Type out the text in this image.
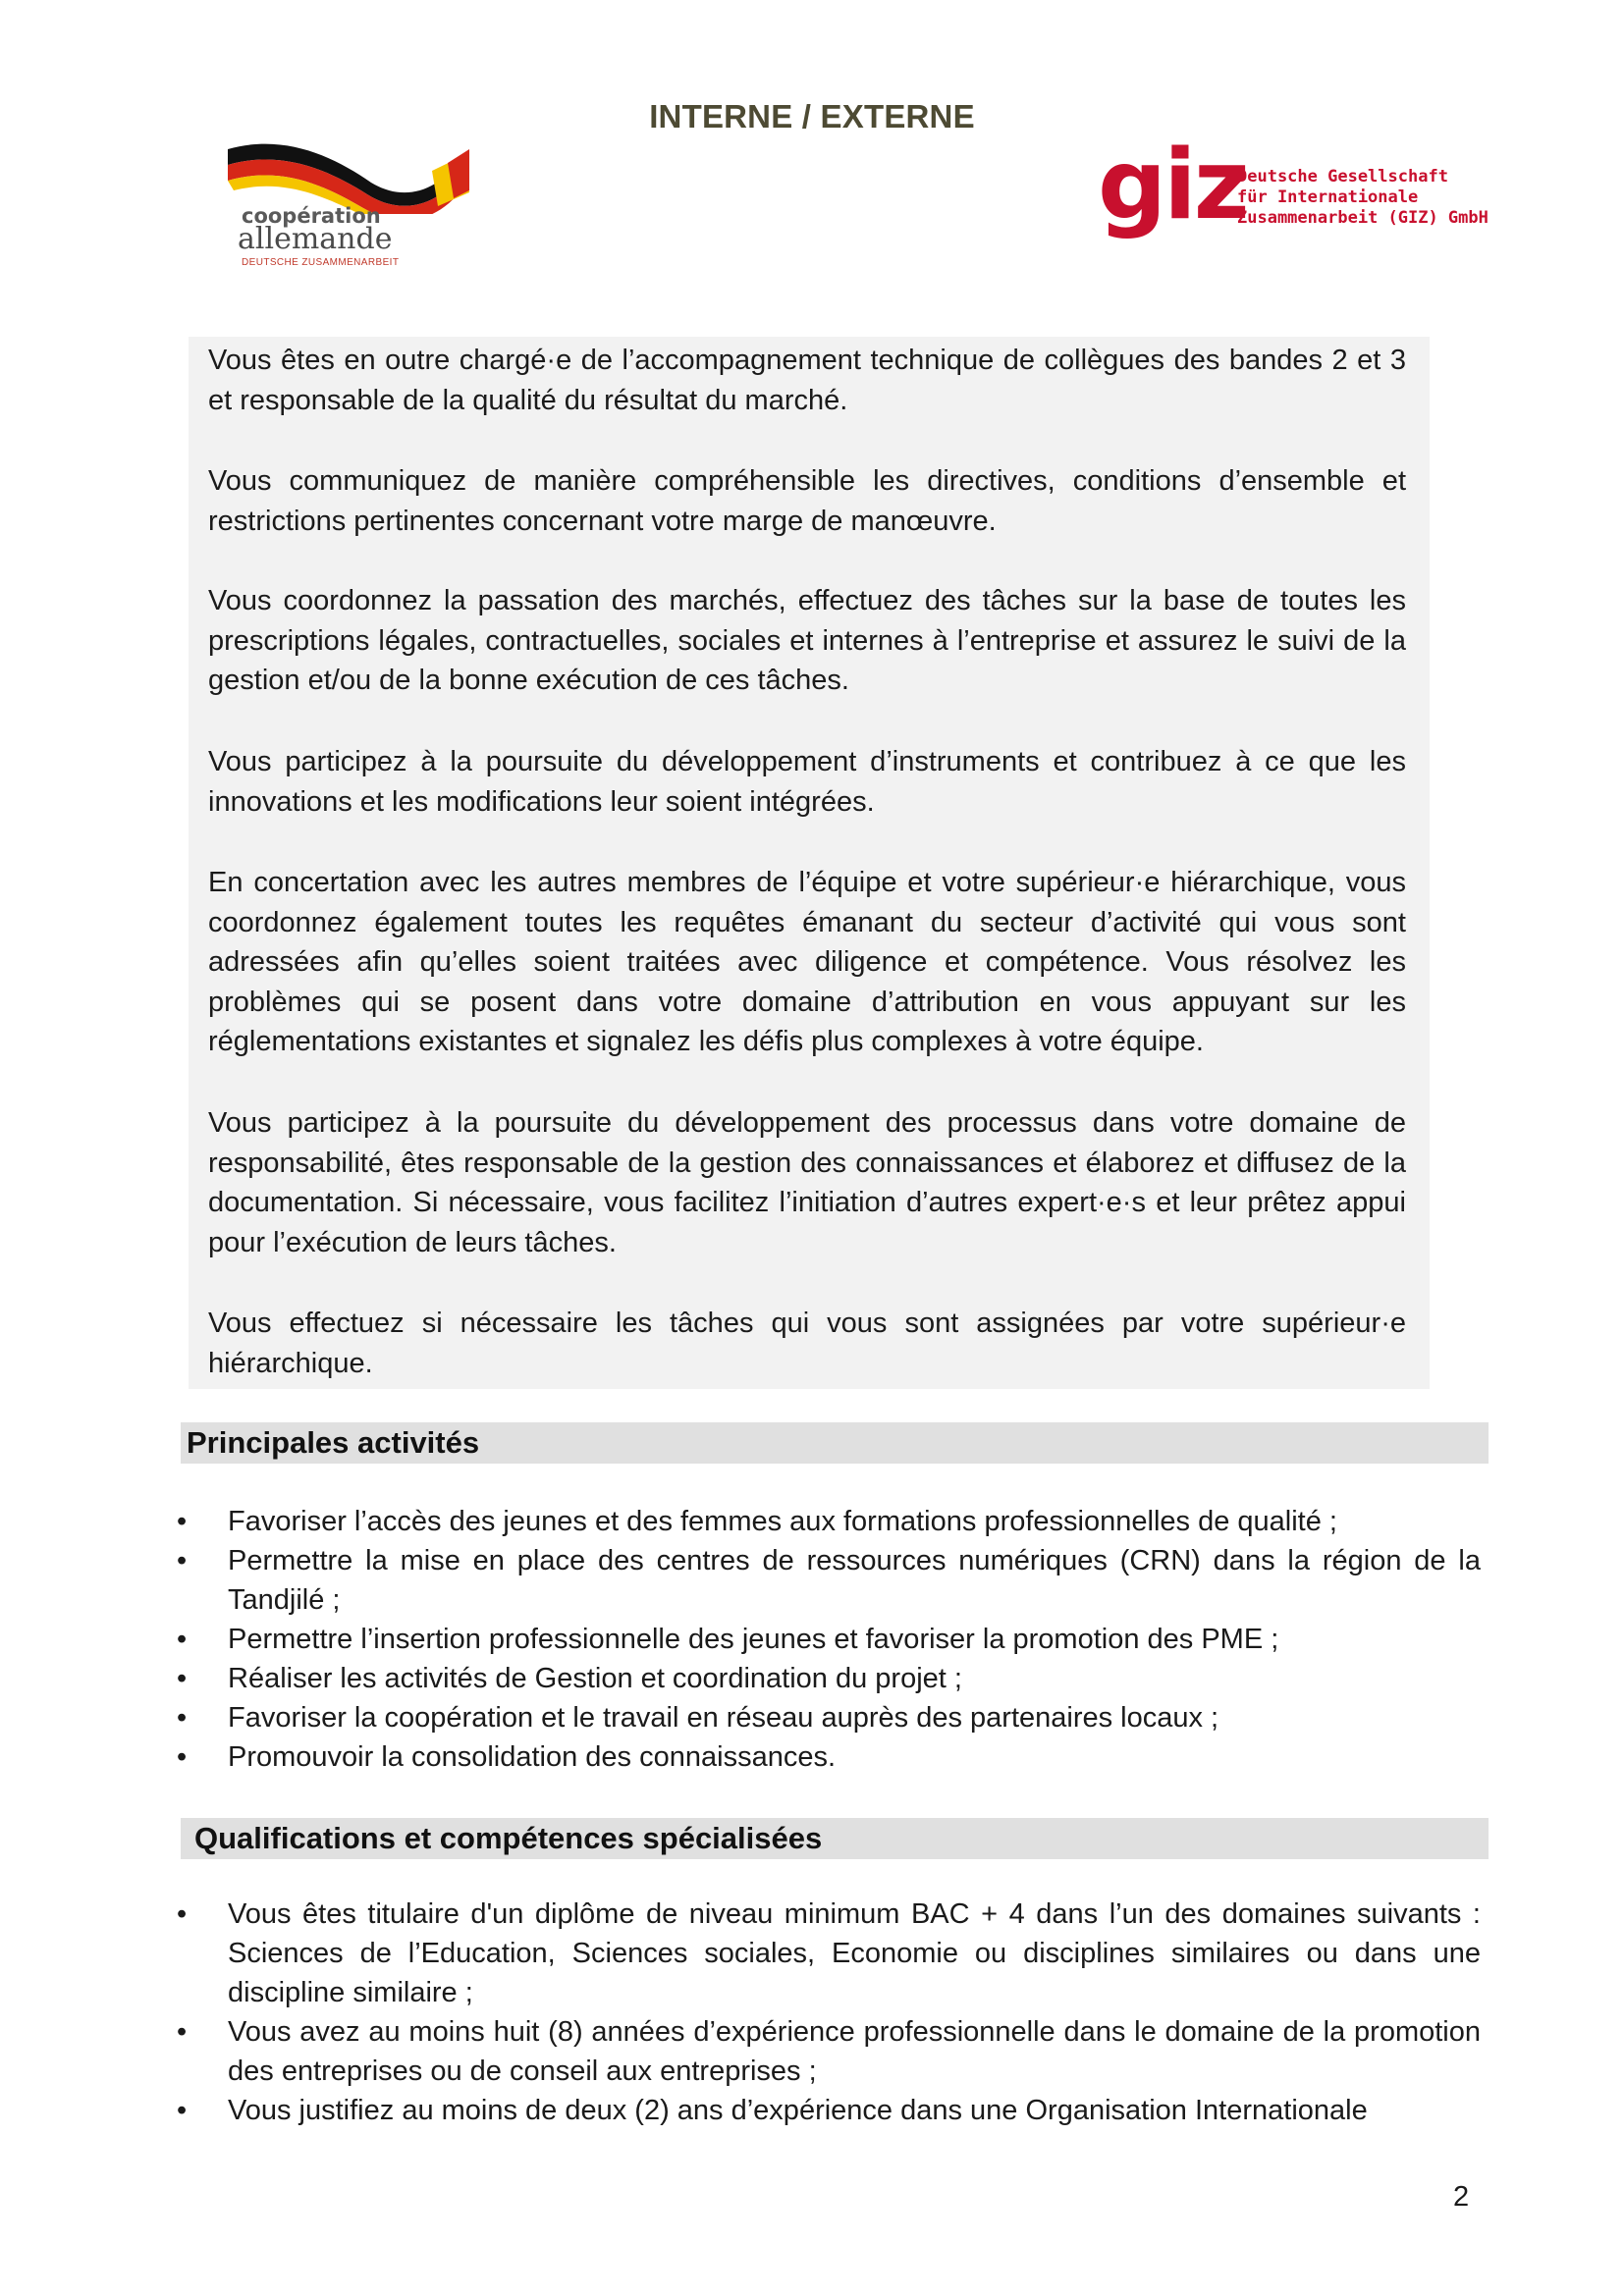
INTERNE / EXTERNE
coopération
allemande
DEUTSCHE ZUSAMMENARBEIT
giz
Deutsche Gesellschaft
für Internationale
Zusammenarbeit (GIZ) GmbH

Vous êtes en outre chargé·e de l’accompagnement technique de collègues des bandes 2 et 3 et responsable de la qualité du résultat du marché.

Vous communiquez de manière compréhensible les directives, conditions d’ensemble et restrictions pertinentes concernant votre marge de manœuvre.

Vous coordonnez la passation des marchés, effectuez des tâches sur la base de toutes les prescriptions légales, contractuelles, sociales et internes à l’entreprise et assurez le suivi de la gestion et/ou de la bonne exécution de ces tâches.

Vous participez à la poursuite du développement d’instruments et contribuez à ce que les innovations et les modifications leur soient intégrées.

En concertation avec les autres membres de l’équipe et votre supérieur·e hiérarchique, vous coordonnez également toutes les requêtes émanant du secteur d’activité qui vous sont adressées afin qu’elles soient traitées avec diligence et compétence. Vous résolvez les problèmes qui se posent dans votre domaine d’attribution en vous appuyant sur les réglementations existantes et signalez les défis plus complexes à votre équipe.

Vous participez à la poursuite du développement des processus dans votre domaine de responsabilité, êtes responsable de la gestion des connaissances et élaborez et diffusez de la documentation. Si nécessaire, vous facilitez l’initiation d’autres expert·e·s et leur prêtez appui pour l’exécution de leurs tâches.

Vous effectuez si nécessaire les tâches qui vous sont assignées par votre supérieur·e hiérarchique.

Principales activités
• Favoriser l’accès des jeunes et des femmes aux formations professionnelles de qualité ;
• Permettre la mise en place des centres de ressources numériques (CRN) dans la région de la Tandjilé ;
• Permettre l’insertion professionnelle des jeunes et favoriser la promotion des PME ;
• Réaliser les activités de Gestion et coordination du projet ;
• Favoriser la coopération et le travail en réseau auprès des partenaires locaux ;
• Promouvoir la consolidation des connaissances.
Qualifications et compétences spécialisées
• Vous êtes titulaire d'un diplôme de niveau minimum BAC + 4 dans l’un des domaines suivants : Sciences de l’Education, Sciences sociales, Economie ou disciplines similaires ou dans une discipline similaire ;
• Vous avez au moins huit (8) années d’expérience professionnelle dans le domaine de la promotion des entreprises ou de conseil aux entreprises ;
• Vous justifiez au moins de deux (2) ans d’expérience dans une Organisation Internationale
2
